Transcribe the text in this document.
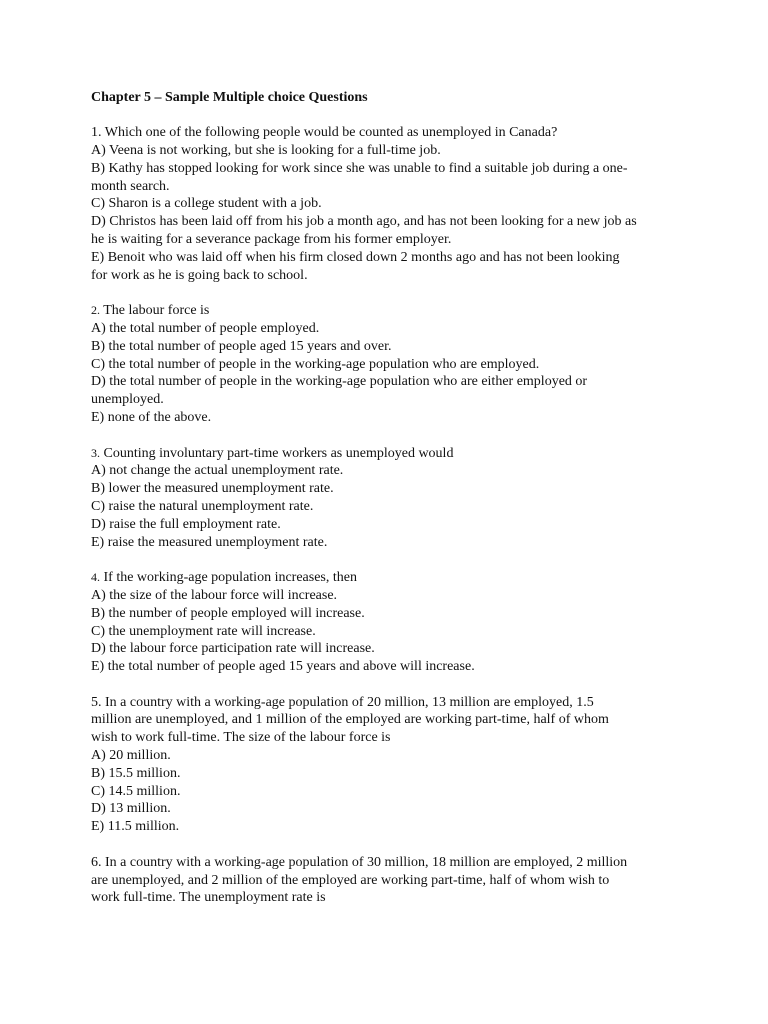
Chapter 5 – Sample Multiple choice Questions
1. Which one of the following people would be counted as unemployed in Canada?
A) Veena is not working, but she is looking for a full-time job.
B) Kathy has stopped looking for work since she was unable to find a suitable job during a one-
month search.
C) Sharon is a college student with a job.
D) Christos has been laid off from his job a month ago, and has not been looking for a new job as
he is waiting for a severance package from his former employer.
E) Benoit who was laid off when his firm closed down 2 months ago and has not been looking
for work as he is going back to school.
2. The labour force is
A) the total number of people employed.
B) the total number of people aged 15 years and over.
C) the total number of people in the working-age population who are employed.
D) the total number of people in the working-age population who are either employed or
unemployed.
E) none of the above.
3. Counting involuntary part-time workers as unemployed would
A) not change the actual unemployment rate.
B) lower the measured unemployment rate.
C) raise the natural unemployment rate.
D) raise the full employment rate.
E) raise the measured unemployment rate.
4. If the working-age population increases, then
A) the size of the labour force will increase.
B) the number of people employed will increase.
C) the unemployment rate will increase.
D) the labour force participation rate will increase.
E) the total number of people aged 15 years and above will increase.
5. In a country with a working-age population of 20 million, 13 million are employed, 1.5
million are unemployed, and 1 million of the employed are working part-time, half of whom
wish to work full-time. The size of the labour force is
A) 20 million.
B) 15.5 million.
C) 14.5 million.
D) 13 million.
E) 11.5 million.
6. In a country with a working-age population of 30 million, 18 million are employed, 2 million
are unemployed, and 2 million of the employed are working part-time, half of whom wish to
work full-time. The unemployment rate is
